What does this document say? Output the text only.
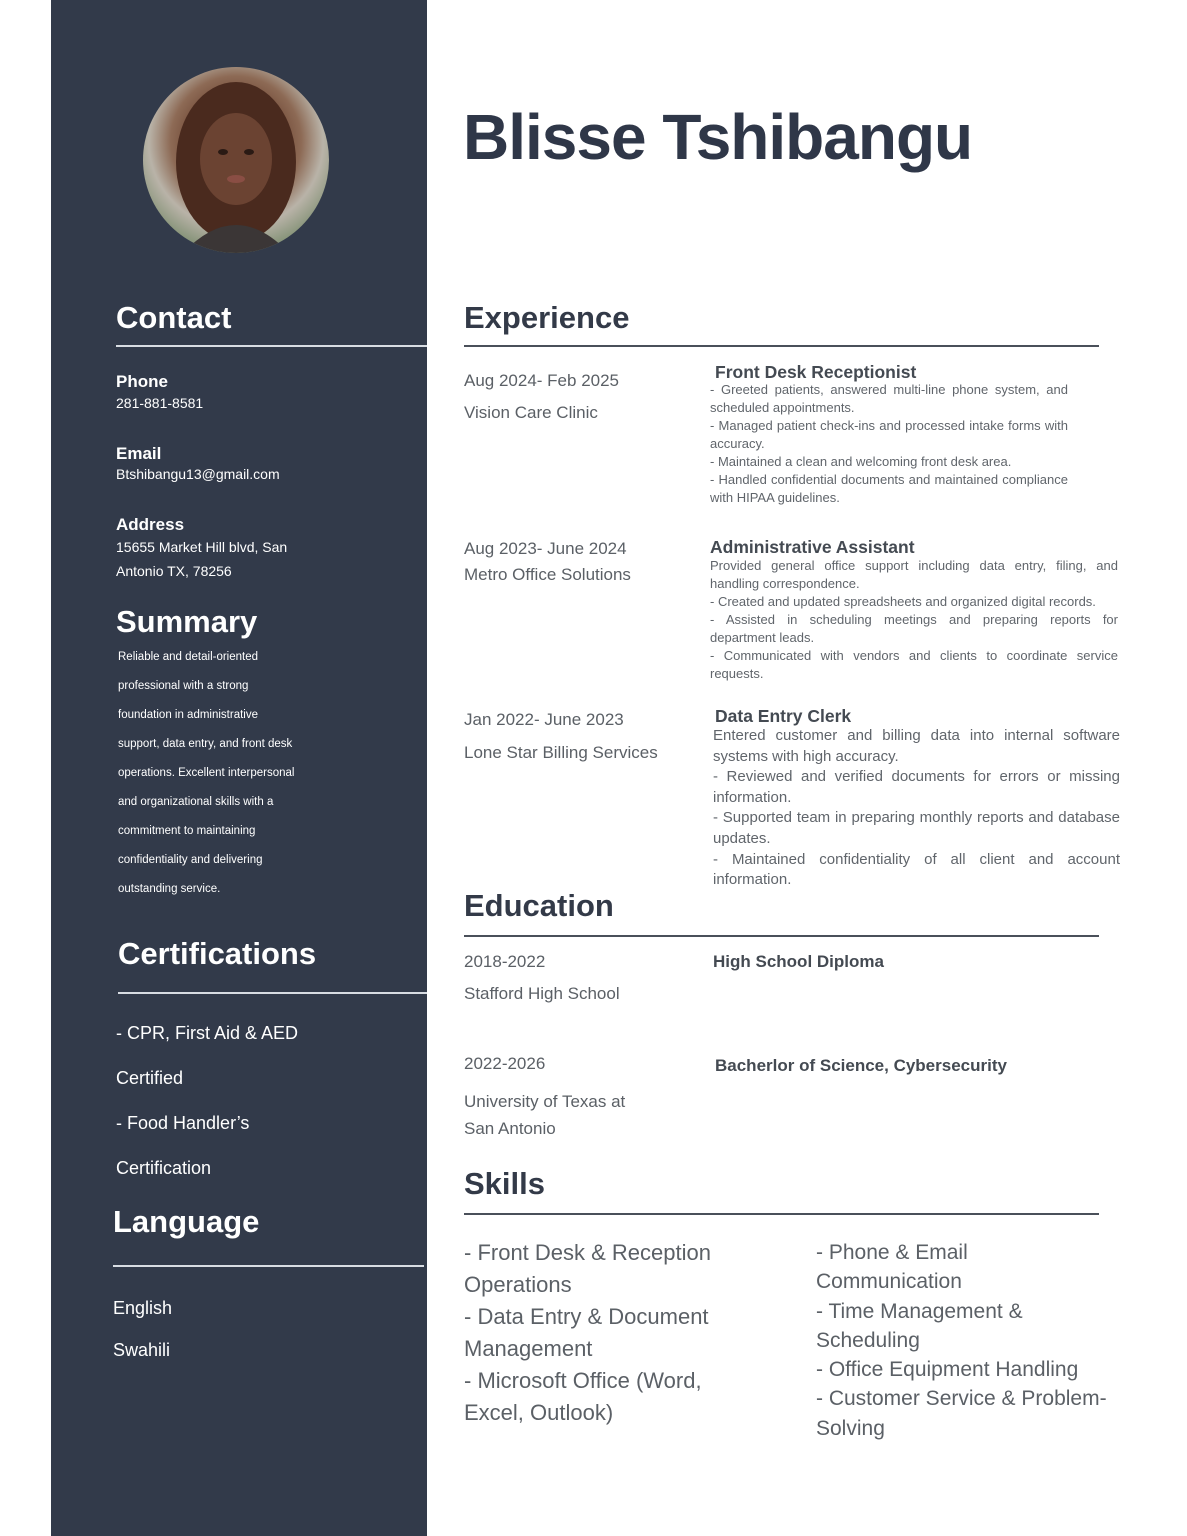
Contact
Phone
281-881-8581
Email
Btshibangu13@gmail.com
Address
15655 Market Hill blvd, San
Antonio TX, 78256
Summary
Reliable and detail-oriented
professional with a strong
foundation in administrative
support, data entry, and front desk
operations. Excellent interpersonal
and organizational skills with a
commitment to maintaining
confidentiality and delivering
outstanding service.
Certifications
- CPR, First Aid & AED
Certified
- Food Handler’s
Certification
Language
English
Swahili
Blisse Tshibangu
Experience
Aug 2024- Feb 2025
Vision Care Clinic
Front Desk Receptionist
- Greeted patients, answered multi-line phone system, and scheduled appointments.
- Managed patient check-ins and processed intake forms with accuracy.
- Maintained a clean and welcoming front desk area.
- Handled confidential documents and maintained compliance with HIPAA guidelines.
Aug 2023- June 2024
Metro Office Solutions
Administrative Assistant
Provided general office support including data entry, filing, and handling correspondence.
- Created and updated spreadsheets and organized digital records.
- Assisted in scheduling meetings and preparing reports for department leads.
- Communicated with vendors and clients to coordinate service requests.
Jan 2022- June 2023
Lone Star Billing Services
Data Entry Clerk
Entered customer and billing data into internal software systems with high accuracy.
- Reviewed and verified documents for errors or missing information.
- Supported team in preparing monthly reports and database updates.
- Maintained confidentiality of all client and account information.
Education
2018-2022
Stafford High School
High School Diploma
2022-2026
University of Texas at
San Antonio
Bacherlor of Science, Cybersecurity
Skills
- Front Desk & Reception
Operations
- Data Entry & Document
Management
- Microsoft Office (Word,
Excel, Outlook)
- Phone & Email
Communication
- Time Management &
Scheduling
- Office Equipment Handling
- Customer Service & Problem-
Solving
